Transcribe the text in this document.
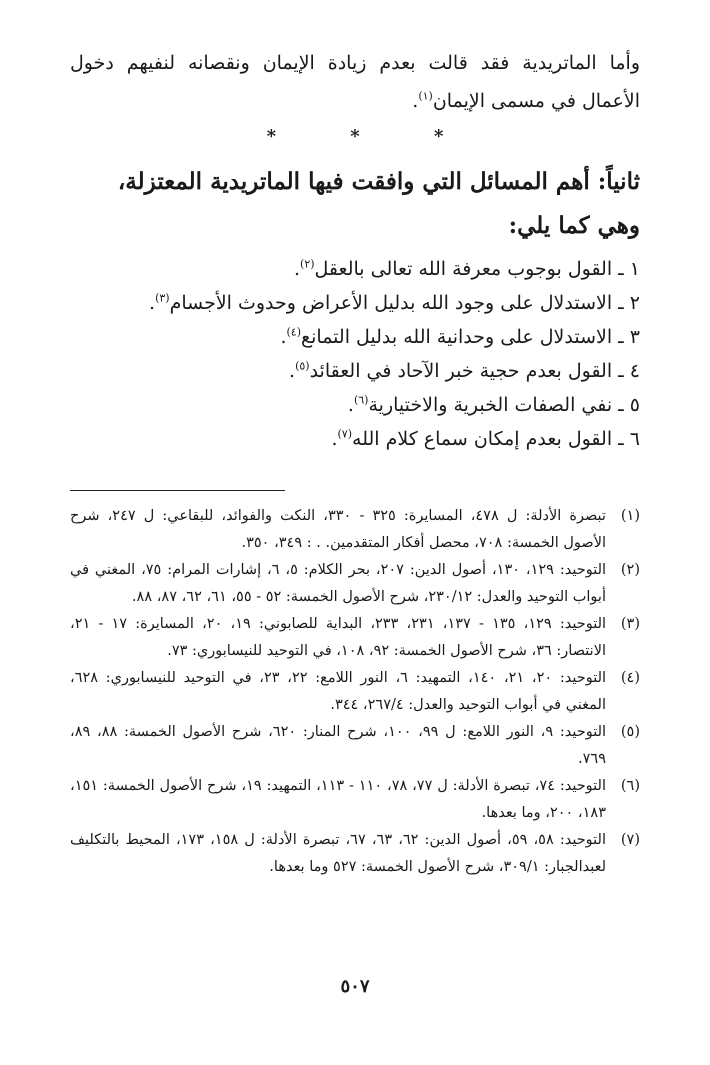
وأما الماتريدية فقد قالت بعدم زيادة الإيمان ونقصانه لنفيهم دخول الأعمال في مسمى الإيمان$^{(١)}$.

* * *

ثانياً: أهم المسائل التي وافقت فيها الماتريدية المعتزلة، وهي كما يلي:

١ ـ القول بوجوب معرفة الله تعالى بالعقل$^{(٢)}$.
٢ ـ الاستدلال على وجود الله بدليل الأعراض وحدوث الأجسام$^{(٣)}$.
٣ ـ الاستدلال على وحدانية الله بدليل التمانع$^{(٤)}$.
٤ ـ القول بعدم حجية خبر الآحاد في العقائد$^{(٥)}$.
٥ ـ نفي الصفات الخبرية والاختيارية$^{(٦)}$.
٦ ـ القول بعدم إمكان سماع كلام الله$^{(٧)}$.
(١)
تبصرة الأدلة: ل ٤٧٨، المسايرة: ٣٢٥ - ٣٣٠، النكت والفوائد، للبقاعي: ل ٢٤٧، شرح الأصول الخمسة: ٧٠٨، محصل أفكار المتقدمين. . : ٣٤٩، ٣٥٠.
(٢)
التوحيد: ١٢٩، ١٣٠، أصول الدين: ٢٠٧، بحر الكلام: ٥، ٦، إشارات المرام: ٧٥، المغني في أبواب التوحيد والعدل: ٢٣٠/١٢، شرح الأصول الخمسة: ٥٢ - ٥٥، ٦١، ٦٢، ٨٧، ٨٨.
(٣)
التوحيد: ١٢٩، ١٣٥ - ١٣٧، ٢٣١، ٢٣٣، البداية للصابوني: ١٩، ٢٠، المسايرة: ١٧ - ٢١، الانتصار: ٣٦، شرح الأصول الخمسة: ٩٢، ١٠٨، في التوحيد للنيسابوري: ٧٣.
(٤)
التوحيد: ٢٠، ٢١، ١٤٠، التمهيد: ٦، النور اللامع: ٢٢، ٢٣، في التوحيد للنيسابوري: ٦٢٨، المغني في أبواب التوحيد والعدل: ٢٦٧/٤، ٣٤٤.
(٥)
التوحيد: ٩، النور اللامع: ل ٩٩، ١٠٠، شرح المنار: ٦٢٠، شرح الأصول الخمسة: ٨٨، ٨٩، ٧٦٩.
(٦)
التوحيد: ٧٤، تبصرة الأدلة: ل ٧٧، ٧٨، ١١٠ - ١١٣، التمهيد: ١٩، شرح الأصول الخمسة: ١٥١، ١٨٣، ٢٠٠، وما بعدها.
(٧)
التوحيد: ٥٨، ٥٩، أصول الدين: ٦٢، ٦٣، ٦٧، تبصرة الأدلة: ل ١٥٨، ١٧٣، المحيط بالتكليف لعبدالجبار: ٣٠٩/١، شرح الأصول الخمسة: ٥٢٧ وما بعدها.
٥٠٧
